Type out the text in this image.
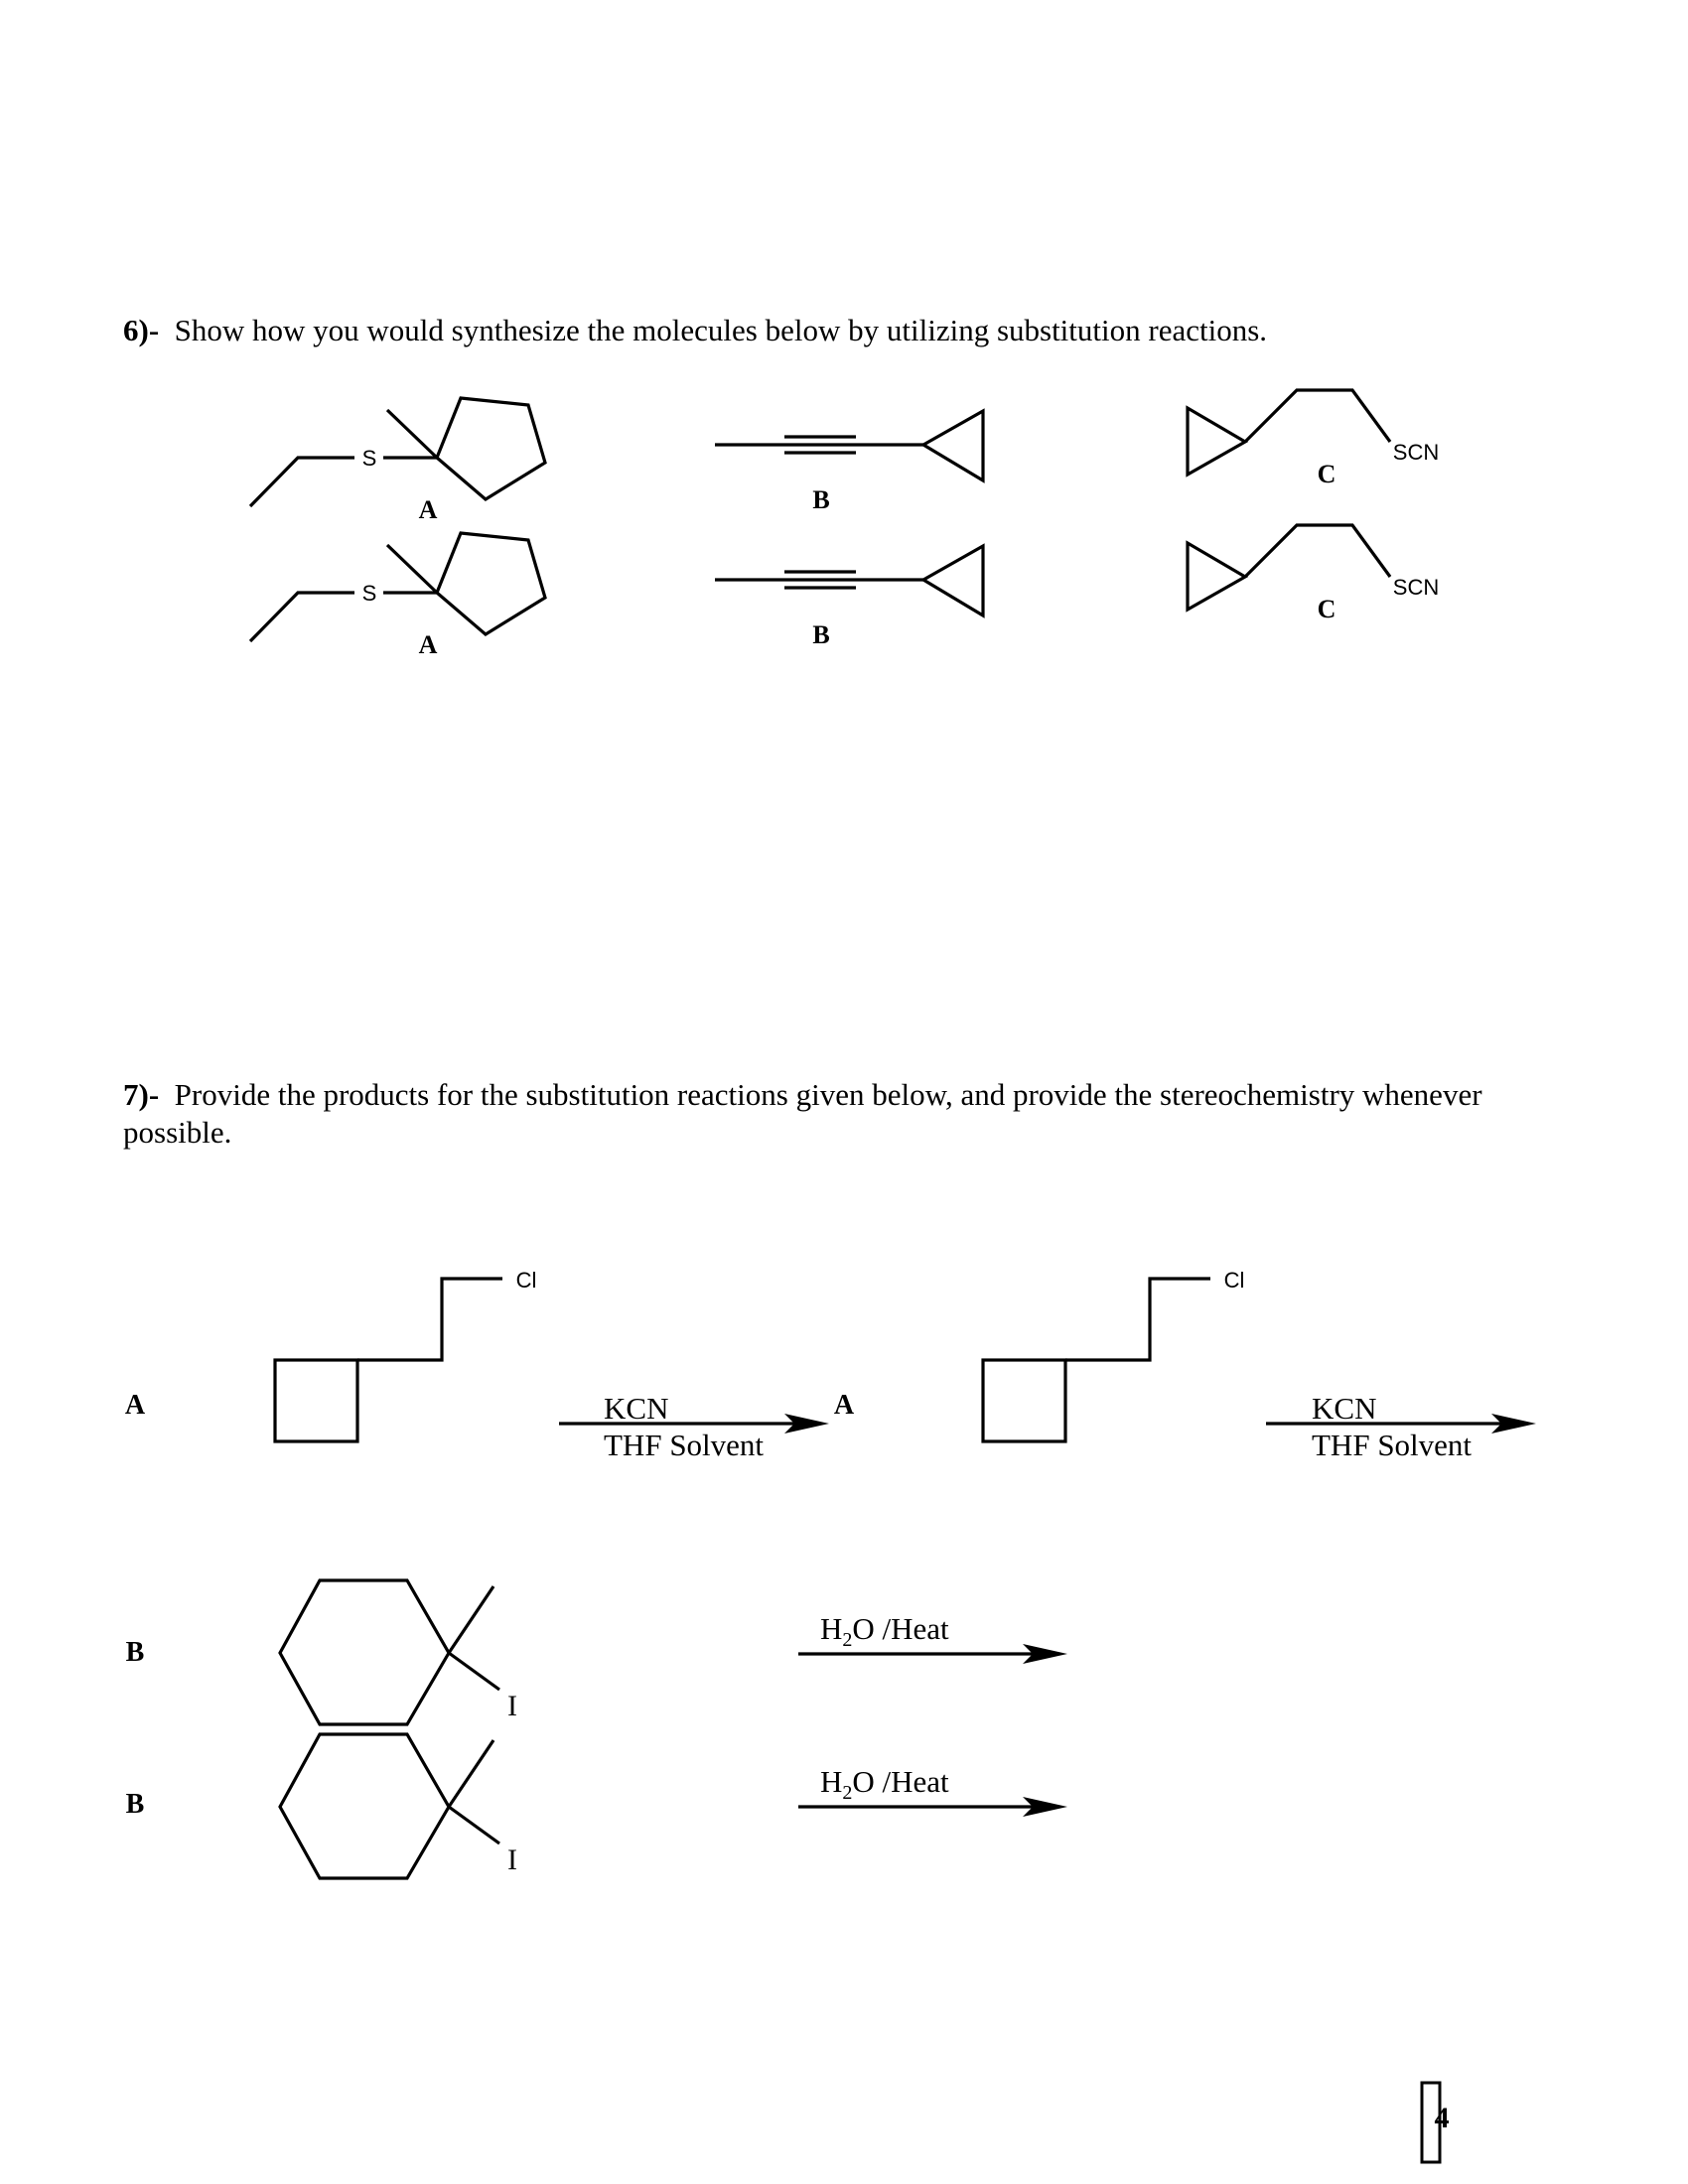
6)- Show how you would synthesize the molecules below by utilizing substitution reactions.
7)- Provide the products for the substitution reactions given below, and provide the stereochemistry whenever possible.
S
A
S
A
B
B
SCN
C
SCN
C
A
Cl
KCN
THF Solvent
A
Cl
KCN
THF Solvent
B
I
$H_2O$ /Heat
B
I
$H_2O$ /Heat
4
